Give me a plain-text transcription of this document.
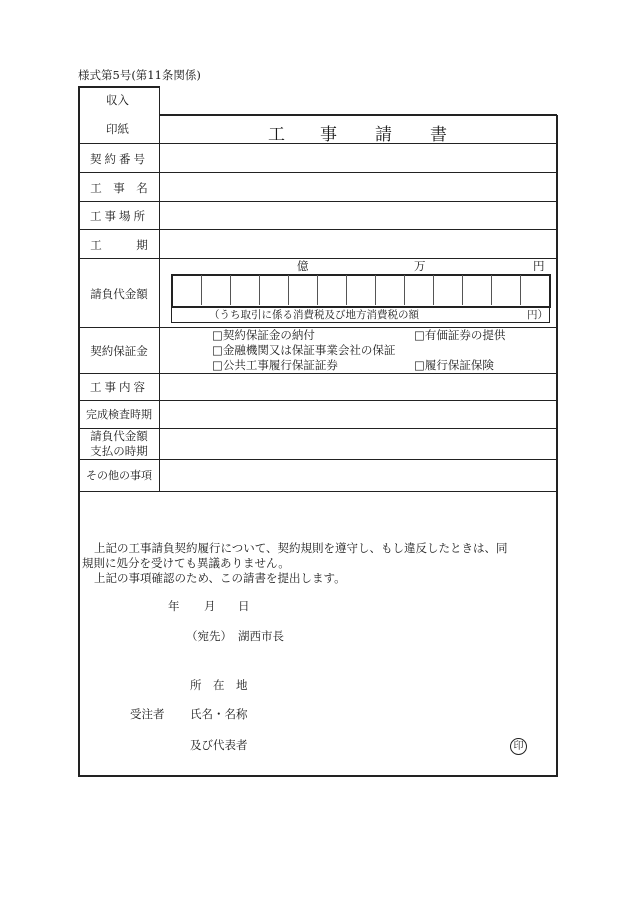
様式第5号(第11条関係)
収入
印紙	工 事 請 書
契約番号
工　事　名
工事場所
工　　　期
請負代金額
億	万	円
（うち取引に係る消費税及び地方消費税の額	円）
契約保証金
□契約保証金の納付	□有価証券の提供
□金融機関又は保証事業会社の保証
□公共工事履行保証証券	□履行保証保険
工事内容
完成検査時期
請負代金額
支払の時期
その他の事項
上記の工事請負契約履行について、契約規則を遵守し、もし違反したときは、同
規則に処分を受けても異議ありません。
上記の事項確認のため、この請書を提出します。
年 月 日
（宛先） 湖西市長
所　在　地
受注者 氏名・名称
及び代表者	印
